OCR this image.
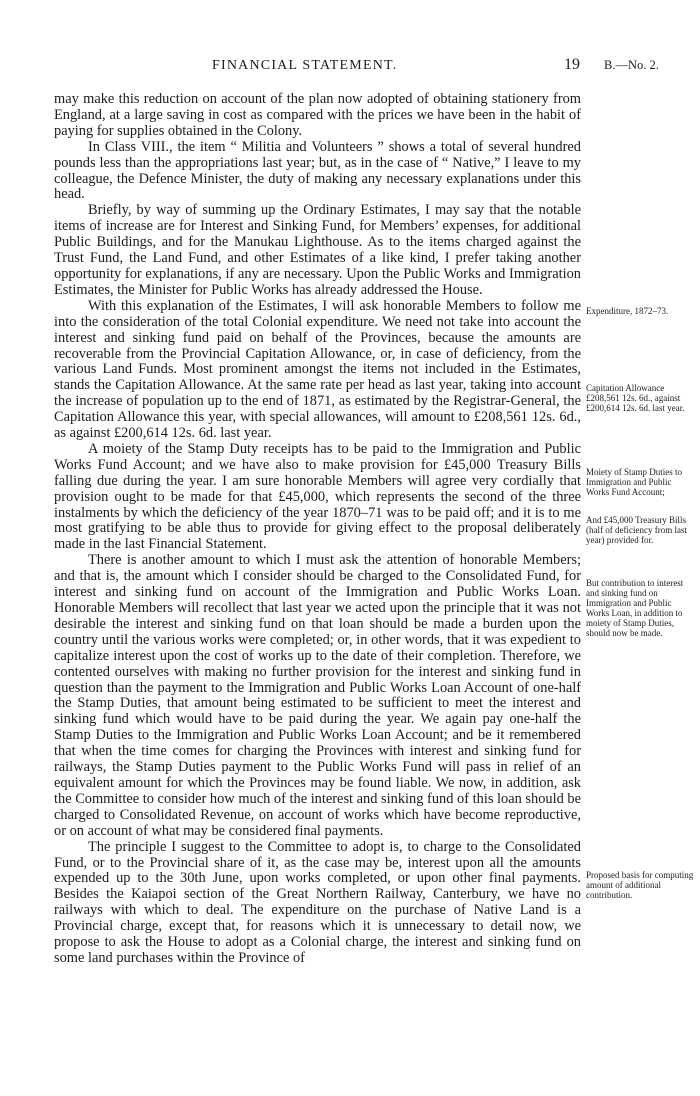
FINANCIAL STATEMENT.	19 B.—No. 2.

may make this reduction on account of the plan now adopted of obtaining stationery from England, at a large saving in cost as compared with the prices we have been in the habit of paying for supplies obtained in the Colony.

In Class VIII., the item “ Militia and Volunteers ” shows a total of several hundred pounds less than the appropriations last year; but, as in the case of “ Native,” I leave to my colleague, the Defence Minister, the duty of making any necessary explanations under this head.

Briefly, by way of summing up the Ordinary Estimates, I may say that the notable items of increase are for Interest and Sinking Fund, for Members’ expenses, for additional Public Buildings, and for the Manukau Lighthouse. As to the items charged against the Trust Fund, the Land Fund, and other Estimates of a like kind, I prefer taking another opportunity for explanations, if any are necessary. Upon the Public Works and Immigration Estimates, the Minister for Public Works has already addressed the House.

With this explanation of the Estimates, I will ask honorable Members to follow me into the consideration of the total Colonial expenditure. We need not take into account the interest and sinking fund paid on behalf of the Provinces, because the amounts are recoverable from the Provincial Capitation Allowance, or, in case of deficiency, from the various Land Funds. Most prominent amongst the items not included in the Estimates, stands the Capitation Allowance. At the same rate per head as last year, taking into account the increase of population up to the end of 1871, as estimated by the Registrar-General, the Capitation Allowance this year, with special allowances, will amount to £208,561 12s. 6d., as against £200,614 12s. 6d. last year.

A moiety of the Stamp Duty receipts has to be paid to the Immigration and Public Works Fund Account; and we have also to make provision for £45,000 Treasury Bills falling due during the year. I am sure honorable Members will agree very cordially that provision ought to be made for that £45,000, which represents the second of the three instalments by which the deficiency of the year 1870–71 was to be paid off; and it is to me most gratifying to be able thus to provide for giving effect to the proposal deliberately made in the last Financial Statement.

There is another amount to which I must ask the attention of honorable Members; and that is, the amount which I consider should be charged to the Consolidated Fund, for interest and sinking fund on account of the Immigration and Public Works Loan. Honorable Members will recollect that last year we acted upon the principle that it was not desirable the interest and sinking fund on that loan should be made a burden upon the country until the various works were completed; or, in other words, that it was expedient to capitalize interest upon the cost of works up to the date of their completion. Therefore, we contented ourselves with making no further provision for the interest and sinking fund in question than the payment to the Immigration and Public Works Loan Account of one-half the Stamp Duties, that amount being estimated to be sufficient to meet the interest and sinking fund which would have to be paid during the year. We again pay one-half the Stamp Duties to the Immigration and Public Works Loan Account; and be it remembered that when the time comes for charging the Provinces with interest and sinking fund for railways, the Stamp Duties payment to the Public Works Fund will pass in relief of an equivalent amount for which the Provinces may be found liable. We now, in addition, ask the Committee to consider how much of the interest and sinking fund of this loan should be charged to Consolidated Revenue, on account of works which have become reproductive, or on account of what may be considered final payments.

The principle I suggest to the Committee to adopt is, to charge to the Consolidated Fund, or to the Provincial share of it, as the case may be, interest upon all the amounts expended up to the 30th June, upon works completed, or upon other final payments. Besides the Kaiapoi section of the Great Northern Railway, Canterbury, we have no railways with which to deal. The expenditure on the purchase of Native Land is a Provincial charge, except that, for reasons which it is unnecessary to detail now, we propose to ask the House to adopt as a Colonial charge, the interest and sinking fund on some land purchases within the Province of

Expenditure, 1872–73.
Capitation Allowance £208,561 12s. 6d., against £200,614 12s. 6d. last year.
Moiety of Stamp Duties to Immigration and Public Works Fund Account;
And £45,000 Treasury Bills (half of deficiency from last year) provided for.
But contribution to interest and sinking fund on Immigration and Public Works Loan, in addition to moiety of Stamp Duties, should now be made.
Proposed basis for computing amount of additional contribution.
